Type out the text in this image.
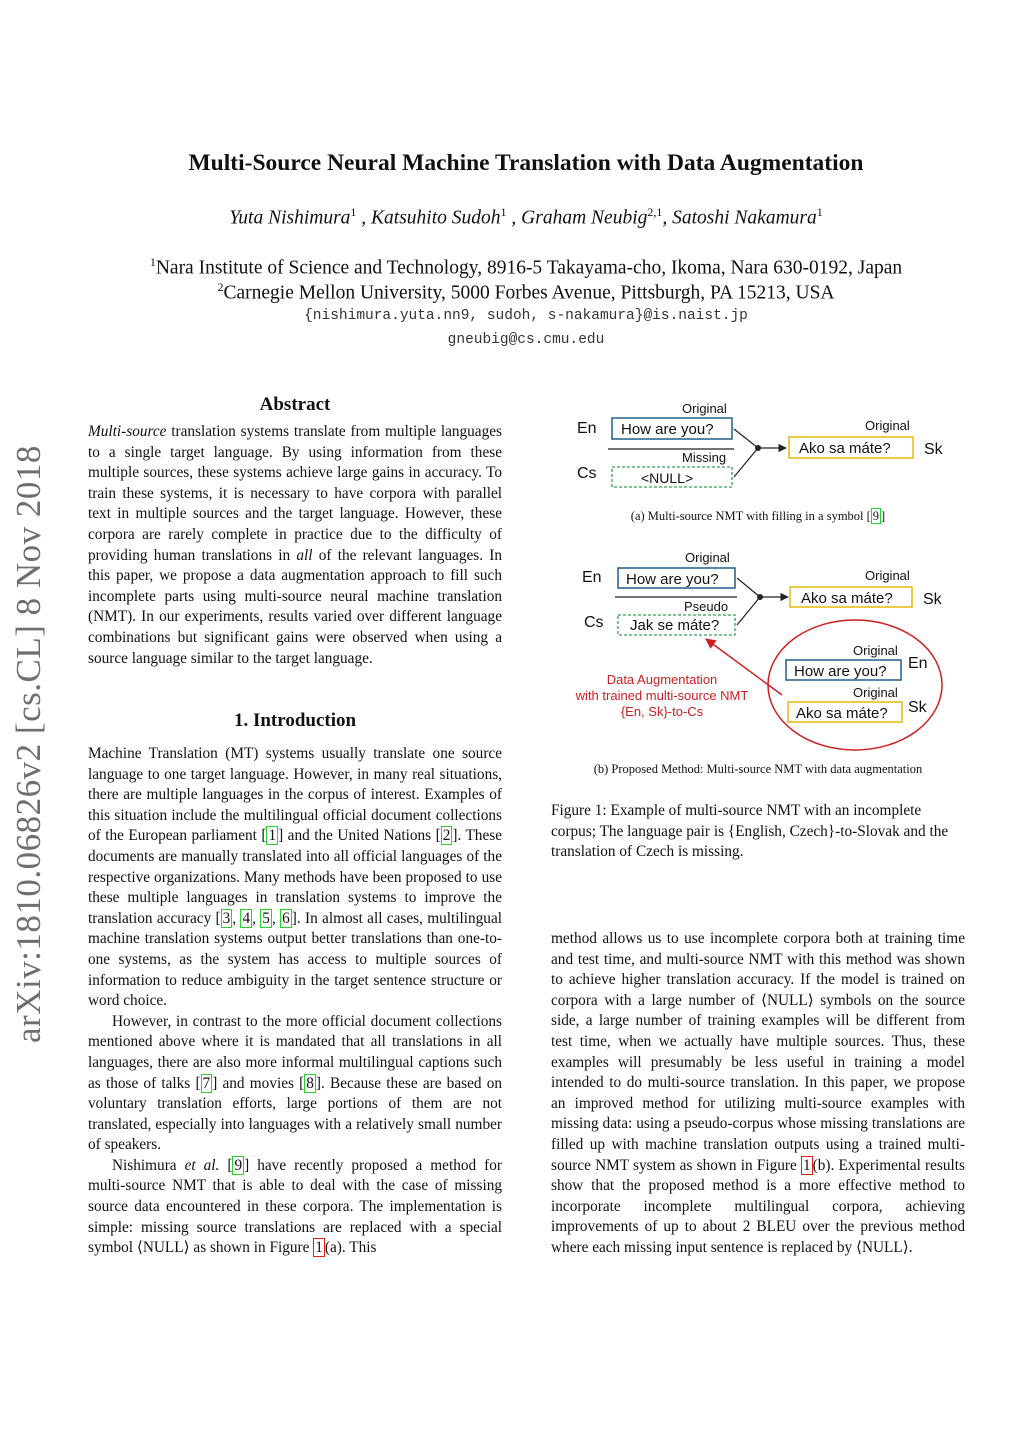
arXiv:1810.06826v2 [cs.CL] 8 Nov 2018
Multi-Source Neural Machine Translation with Data Augmentation
Yuta Nishimura$^1$ , Katsuhito Sudoh$^1$ , Graham Neubig$^{2,1}$, Satoshi Nakamura$^1$
$^1$Nara Institute of Science and Technology, 8916-5 Takayama-cho, Ikoma, Nara 630-0192, Japan
$^2$Carnegie Mellon University, 5000 Forbes Avenue, Pittsburgh, PA 15213, USA
{nishimura.yuta.nn9, sudoh, s-nakamura}@is.naist.jp
gneubig@cs.cmu.edu
Abstract

Multi-source translation systems translate from multiple languages to a single target language. By using information from these multiple sources, these systems achieve large gains in accuracy. To train these systems, it is necessary to have corpora with parallel text in multiple sources and the target language. However, these corpora are rarely complete in practice due to the difficulty of providing human translations in all of the relevant languages. In this paper, we propose a data augmentation approach to fill such incomplete parts using multi-source neural machine translation (NMT). In our experiments, results varied over different language combinations but significant gains were observed when using a source language similar to the target language.

1. Introduction

Machine Translation (MT) systems usually translate one source language to one target language. However, in many real situations, there are multiple languages in the corpus of interest. Examples of this situation include the multilingual official document collections of the European parliament [ 1 ] and the United Nations [ 2 ]. These documents are manually translated into all official languages of the respective organizations. Many methods have been proposed to use these multiple languages in translation systems to improve the translation accuracy [ 3 , 4 , 5 , 6 ]. In almost all cases, multilingual machine translation systems output better translations than one-to-one systems, as the system has access to multiple sources of information to reduce ambiguity in the target sentence structure or word choice.

However, in contrast to the more official document collections mentioned above where it is mandated that all translations in all languages, there are also more informal multilingual captions such as those of talks [ 7 ] and movies [ 8 ]. Because these are based on voluntary translation efforts, large portions of them are not translated, especially into languages with a relatively small number of speakers.

Nishimura et al. [ 9 ] have recently proposed a method for multi-source NMT that is able to deal with the case of missing source data encountered in these corpora. The implementation is simple: missing source translations are replaced with a special symbol ⟨NULL⟩ as shown in Figure 1 (a). This

Original
En How are you?
Missing
Cs	<NULL>
Original
Ako sa máte? Sk
Original
En How are you?
Pseudo
Cs Jak se máte?
Original
Ako sa máte? Sk
Original
How are you? En
Original
Ako sa máte? Sk
Data Augmentation
with trained multi-source NMT
{En, Sk}-to-Cs
(a) Multi-source NMT with filling in a symbol [ 9 ]
(b) Proposed Method: Multi-source NMT with data augmentation
Figure 1: Example of multi-source NMT with an incomplete corpus; The language pair is {English, Czech}-to-Slovak and the translation of Czech is missing.

method allows us to use incomplete corpora both at training time and test time, and multi-source NMT with this method was shown to achieve higher translation accuracy. If the model is trained on corpora with a large number of ⟨NULL⟩ symbols on the source side, a large number of training examples will be different from test time, when we actually have multiple sources. Thus, these examples will presumably be less useful in training a model intended to do multi-source translation. In this paper, we propose an improved method for utilizing multi-source examples with missing data: using a pseudo-corpus whose missing translations are filled up with machine translation outputs using a trained multi-source NMT system as shown in Figure 1 (b). Experimental results show that the proposed method is a more effective method to incorporate incomplete multilingual corpora, achieving improvements of up to about 2 BLEU over the previous method where each missing input sentence is replaced by ⟨NULL⟩.
